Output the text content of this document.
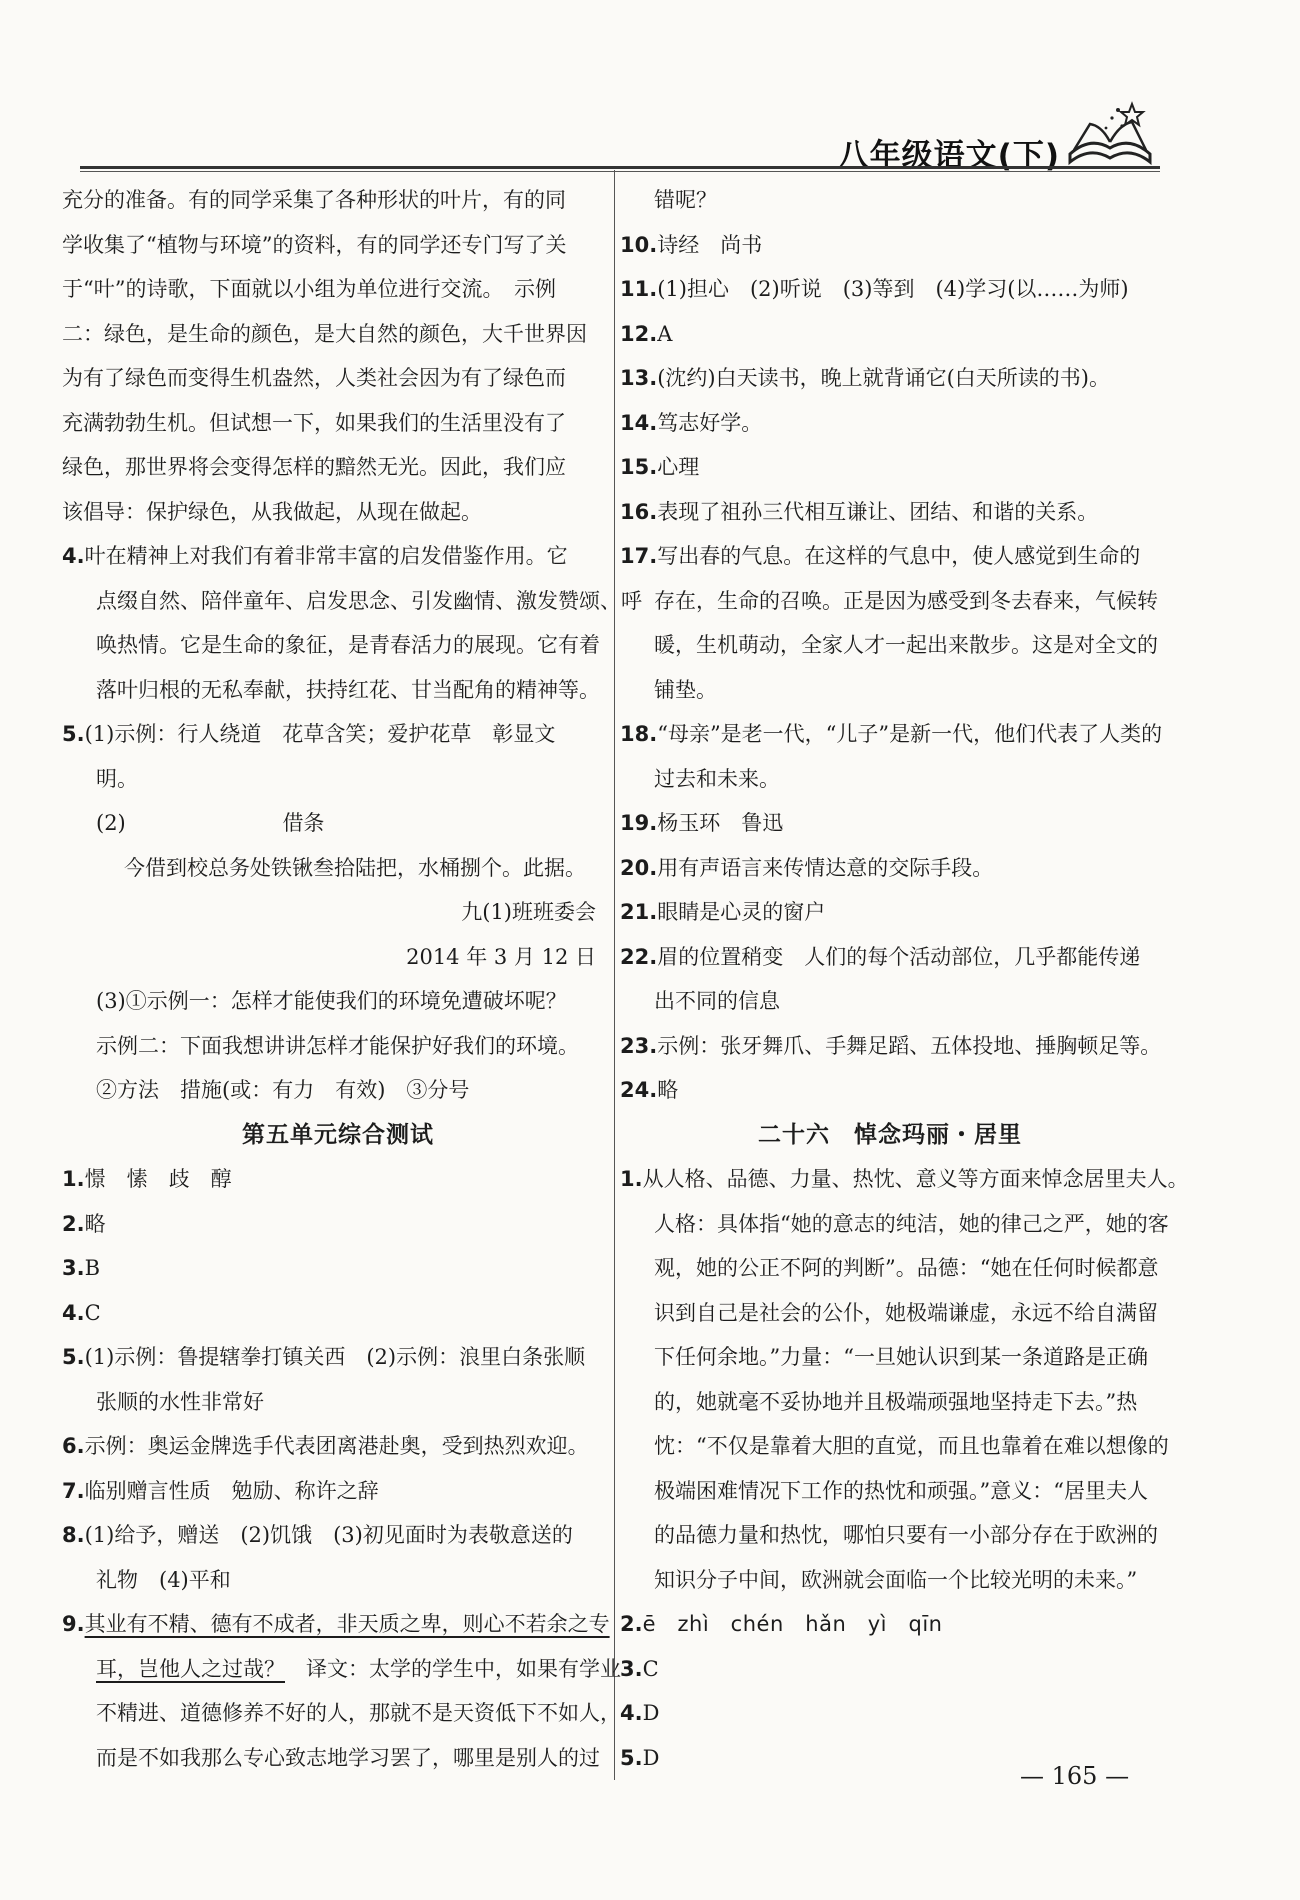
八年级语文(下)
充分的准备。有的同学采集了各种形状的叶片，有的同
学收集了“植物与环境”的资料，有的同学还专门写了关
于“叶”的诗歌，下面就以小组为单位进行交流。　示例
二：绿色，是生命的颜色，是大自然的颜色，大千世界因
为有了绿色而变得生机盎然，人类社会因为有了绿色而
充满勃勃生机。但试想一下，如果我们的生活里没有了
绿色，那世界将会变得怎样的黯然无光。因此，我们应
该倡导：保护绿色，从我做起，从现在做起。
4.叶在精神上对我们有着非常丰富的启发借鉴作用。它
点缀自然、陪伴童年、启发思念、引发幽情、激发赞颂、呼
唤热情。它是生命的象征，是青春活力的展现。它有着
落叶归根的无私奉献，扶持红花、甘当配角的精神等。
5.(1)示例：行人绕道　花草含笑；爱护花草　彰显文
明。
(2)	借条
今借到校总务处铁锹叁拾陆把，水桶捌个。此据。
九(1)班班委会
2014 年 3 月 12 日
(3)①示例一：怎样才能使我们的环境免遭破坏呢？
示例二：下面我想讲讲怎样才能保护好我们的环境。
②方法　措施(或：有力　有效)　③分号
第五单元综合测试
1.憬　愫　歧　醇
2.略
3.B
4.C
5.(1)示例：鲁提辖拳打镇关西　(2)示例：浪里白条张顺
张顺的水性非常好
6.示例：奥运金牌选手代表团离港赴奥，受到热烈欢迎。
7.临别赠言性质　勉励、称许之辞
8.(1)给予，赠送　(2)饥饿　(3)初见面时为表敬意送的
礼物　(4)平和
9.其业有不精、德有不成者，非天质之卑，则心不若余之专
耳，岂他人之过哉？　译文：太学的学生中，如果有学业
不精进、道德修养不好的人，那就不是天资低下不如人，
而是不如我那么专心致志地学习罢了，哪里是别人的过
错呢？
10.诗经　尚书
11.(1)担心　(2)听说　(3)等到　(4)学习(以……为师)
12.A
13.(沈约)白天读书，晚上就背诵它(白天所读的书)。
14.笃志好学。
15.心理
16.表现了祖孙三代相互谦让、团结、和谐的关系。
17.写出春的气息。在这样的气息中，使人感觉到生命的
存在，生命的召唤。正是因为感受到冬去春来，气候转
暖，生机萌动，全家人才一起出来散步。这是对全文的
铺垫。
18.“母亲”是老一代，“儿子”是新一代，他们代表了人类的
过去和未来。
19.杨玉环　鲁迅
20.用有声语言来传情达意的交际手段。
21.眼睛是心灵的窗户
22.眉的位置稍变　人们的每个活动部位，几乎都能传递
出不同的信息
23.示例：张牙舞爪、手舞足蹈、五体投地、捶胸顿足等。
24.略
二十六　悼念玛丽・居里
1.从人格、品德、力量、热忱、意义等方面来悼念居里夫人。
人格：具体指“她的意志的纯洁，她的律己之严，她的客
观，她的公正不阿的判断”。品德：“她在任何时候都意
识到自己是社会的公仆，她极端谦虚，永远不给自满留
下任何余地。”力量：“一旦她认识到某一条道路是正确
的，她就毫不妥协地并且极端顽强地坚持走下去。”热
忱：“不仅是靠着大胆的直觉，而且也靠着在难以想像的
极端困难情况下工作的热忱和顽强。”意义：“居里夫人
的品德力量和热忱，哪怕只要有一小部分存在于欧洲的
知识分子中间，欧洲就会面临一个比较光明的未来。”
2.ē　zhì　chén　hǎn　yì　qīn
3.C
4.D
5.D
— 165 —
